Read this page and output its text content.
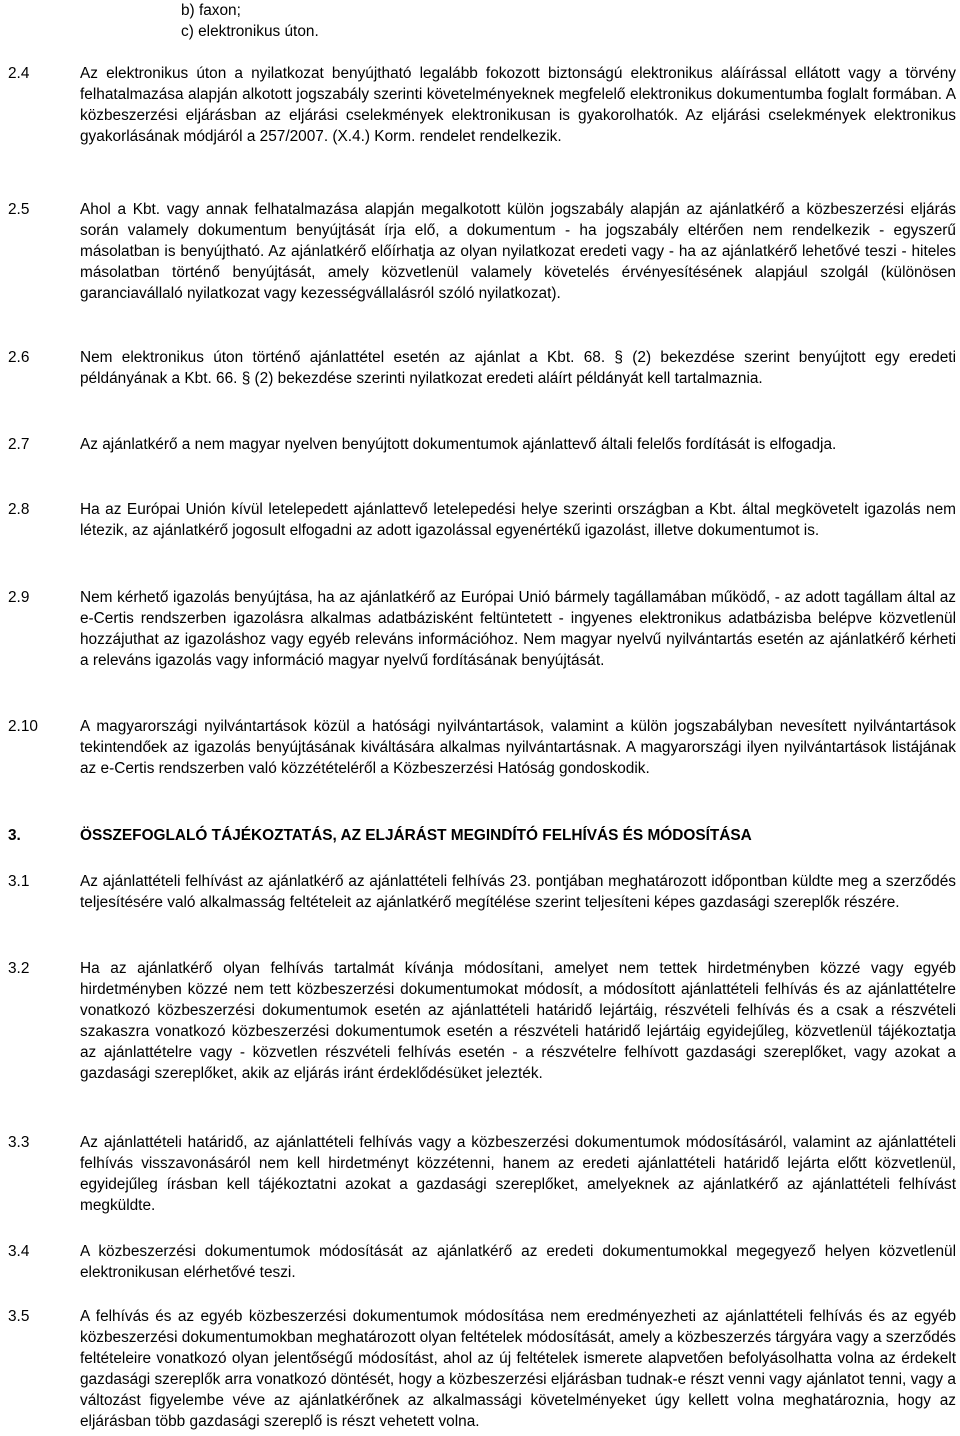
b) faxon;
c) elektronikus úton.
2.4	Az elektronikus úton a nyilatkozat benyújtható legalább fokozott biztonságú elektronikus aláírással ellátott vagy a törvény felhatalmazása alapján alkotott jogszabály szerinti követelményeknek megfelelő elektronikus dokumentumba foglalt formában. A közbeszerzési eljárásban az eljárási cselekmények elektronikusan is gyakorolhatók. Az eljárási cselekmények elektronikus gyakorlásának módjáról a 257/2007. (X.4.) Korm. rendelet rendelkezik.
2.5	Ahol a Kbt. vagy annak felhatalmazása alapján megalkotott külön jogszabály alapján az ajánlatkérő a közbeszerzési eljárás során valamely dokumentum benyújtását írja elő, a dokumentum - ha jogszabály eltérően nem rendelkezik - egyszerű másolatban is benyújtható. Az ajánlatkérő előírhatja az olyan nyilatkozat eredeti vagy - ha az ajánlatkérő lehetővé teszi - hiteles másolatban történő benyújtását, amely közvetlenül valamely követelés érvényesítésének alapjául szolgál (különösen garanciavállaló nyilatkozat vagy kezességvállalásról szóló nyilatkozat).
2.6	Nem elektronikus úton történő ajánlattétel esetén az ajánlat a Kbt. 68. § (2) bekezdése szerint benyújtott egy eredeti példányának a Kbt. 66. § (2) bekezdése szerinti nyilatkozat eredeti aláírt példányát kell tartalmaznia.
2.7	Az ajánlatkérő a nem magyar nyelven benyújtott dokumentumok ajánlattevő általi felelős fordítását is elfogadja.
2.8	Ha az Európai Unión kívül letelepedett ajánlattevő letelepedési helye szerinti országban a Kbt. által megkövetelt igazolás nem létezik, az ajánlatkérő jogosult elfogadni az adott igazolással egyenértékű igazolást, illetve dokumentumot is.
2.9	Nem kérhető igazolás benyújtása, ha az ajánlatkérő az Európai Unió bármely tagállamában működő, - az adott tagállam által az e-Certis rendszerben igazolásra alkalmas adatbázisként feltüntetett - ingyenes elektronikus adatbázisba belépve közvetlenül hozzájuthat az igazoláshoz vagy egyéb releváns információhoz. Nem magyar nyelvű nyilvántartás esetén az ajánlatkérő kérheti a releváns igazolás vagy információ magyar nyelvű fordításának benyújtását.
2.10	A magyarországi nyilvántartások közül a hatósági nyilvántartások, valamint a külön jogszabályban nevesített nyilvántartások tekintendőek az igazolás benyújtásának kiváltására alkalmas nyilvántartásnak. A magyarországi ilyen nyilvántartások listájának az e-Certis rendszerben való közzétételéről a Közbeszerzési Hatóság gondoskodik.
3.	ÖSSZEFOGLALÓ TÁJÉKOZTATÁS, AZ ELJÁRÁST MEGINDÍTÓ FELHÍVÁS ÉS MÓDOSÍTÁSA
3.1	Az ajánlattételi felhívást az ajánlatkérő az ajánlattételi felhívás 23. pontjában meghatározott időpontban küldte meg a szerződés teljesítésére való alkalmasság feltételeit az ajánlatkérő megítélése szerint teljesíteni képes gazdasági szereplők részére.
3.2	Ha az ajánlatkérő olyan felhívás tartalmát kívánja módosítani, amelyet nem tettek hirdetményben közzé vagy egyéb hirdetményben közzé nem tett közbeszerzési dokumentumokat módosít, a módosított ajánlattételi felhívás és az ajánlattételre vonatkozó közbeszerzési dokumentumok esetén az ajánlattételi határidő lejártáig, részvételi felhívás és a csak a részvételi szakaszra vonatkozó közbeszerzési dokumentumok esetén a részvételi határidő lejártáig egyidejűleg, közvetlenül tájékoztatja az ajánlattételre vagy - közvetlen részvételi felhívás esetén - a részvételre felhívott gazdasági szereplőket, vagy azokat a gazdasági szereplőket, akik az eljárás iránt érdeklődésüket jelezték.
3.3	Az ajánlattételi határidő, az ajánlattételi felhívás vagy a közbeszerzési dokumentumok módosításáról, valamint az ajánlattételi felhívás visszavonásáról nem kell hirdetményt közzétenni, hanem az eredeti ajánlattételi határidő lejárta előtt közvetlenül, egyidejűleg írásban kell tájékoztatni azokat a gazdasági szereplőket, amelyeknek az ajánlatkérő az ajánlattételi felhívást megküldte.
3.4	A közbeszerzési dokumentumok módosítását az ajánlatkérő az eredeti dokumentumokkal megegyező helyen közvetlenül elektronikusan elérhetővé teszi.
3.5	A felhívás és az egyéb közbeszerzési dokumentumok módosítása nem eredményezheti az ajánlattételi felhívás és az egyéb közbeszerzési dokumentumokban meghatározott olyan feltételek módosítását, amely a közbeszerzés tárgyára vagy a szerződés feltételeire vonatkozó olyan jelentőségű módosítást, ahol az új feltételek ismerete alapvetően befolyásolhatta volna az érdekelt gazdasági szereplők arra vonatkozó döntését, hogy a közbeszerzési eljárásban tudnak-e részt venni vagy ajánlatot tenni, vagy a változást figyelembe véve az ajánlatkérőnek az alkalmassági követelményeket úgy kellett volna meghatároznia, hogy az eljárásban több gazdasági szereplő is részt vehetett volna.
